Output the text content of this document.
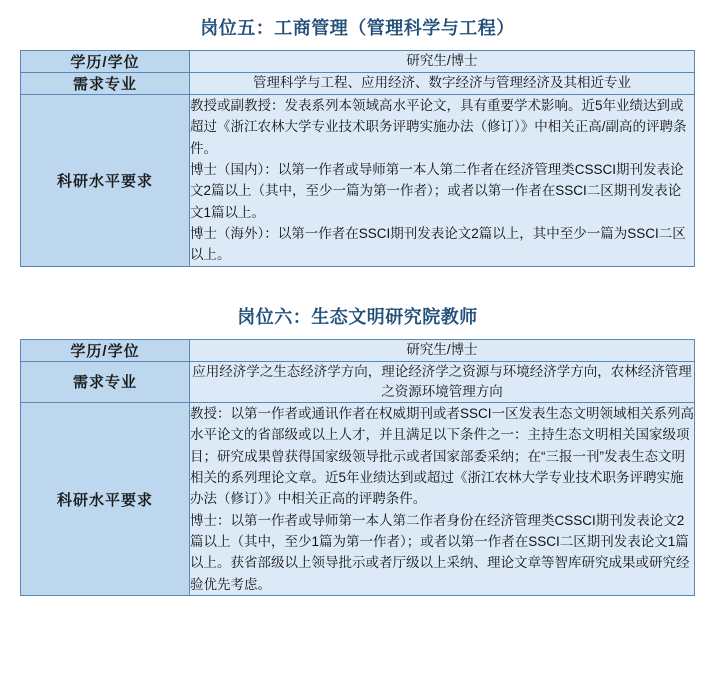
岗位五：工商管理（管理科学与工程）
学历/学位	研究生/博士
需求专业	管理科学与工程、应用经济、数字经济与管理经济及其相近专业
科研水平要求	教授或副教授：发表系列本领域高水平论文，具有重要学术影响。近5年业绩达到或超过《浙江农林大学专业技术职务评聘实施办法（修订）》中相关正高/副高的评聘条件。

博士（国内）：以第一作者或导师第一本人第二作者在经济管理类CSSCI期刊发表论文2篇以上（其中，至少一篇为第一作者）；或者以第一作者在SSCI二区期刊发表论文1篇以上。

博士（海外）：以第一作者在SSCI期刊发表论文2篇以上，其中至少一篇为SSCI二区以上。

岗位六：生态文明研究院教师
学历/学位	研究生/博士
需求专业	应用经济学之生态经济学方向，理论经济学之资源与环境经济学方向，农林经济管理之资源环境管理方向
科研水平要求	教授：以第一作者或通讯作者在权威期刊或者SSCI一区发表生态文明领域相关系列高水平论文的省部级或以上人才，并且满足以下条件之一：主持生态文明相关国家级项目；研究成果曾获得国家级领导批示或者国家部委采纳；在“三报一刊”发表生态文明相关的系列理论文章。近5年业绩达到或超过《浙江农林大学专业技术职务评聘实施办法（修订）》中相关正高的评聘条件。

博士：以第一作者或导师第一本人第二作者身份在经济管理类CSSCI期刊发表论文2篇以上（其中，至少1篇为第一作者）；或者以第一作者在SSCI二区期刊发表论文1篇以上。获省部级以上领导批示或者厅级以上采纳、理论文章等智库研究成果或研究经验优先考虑。
